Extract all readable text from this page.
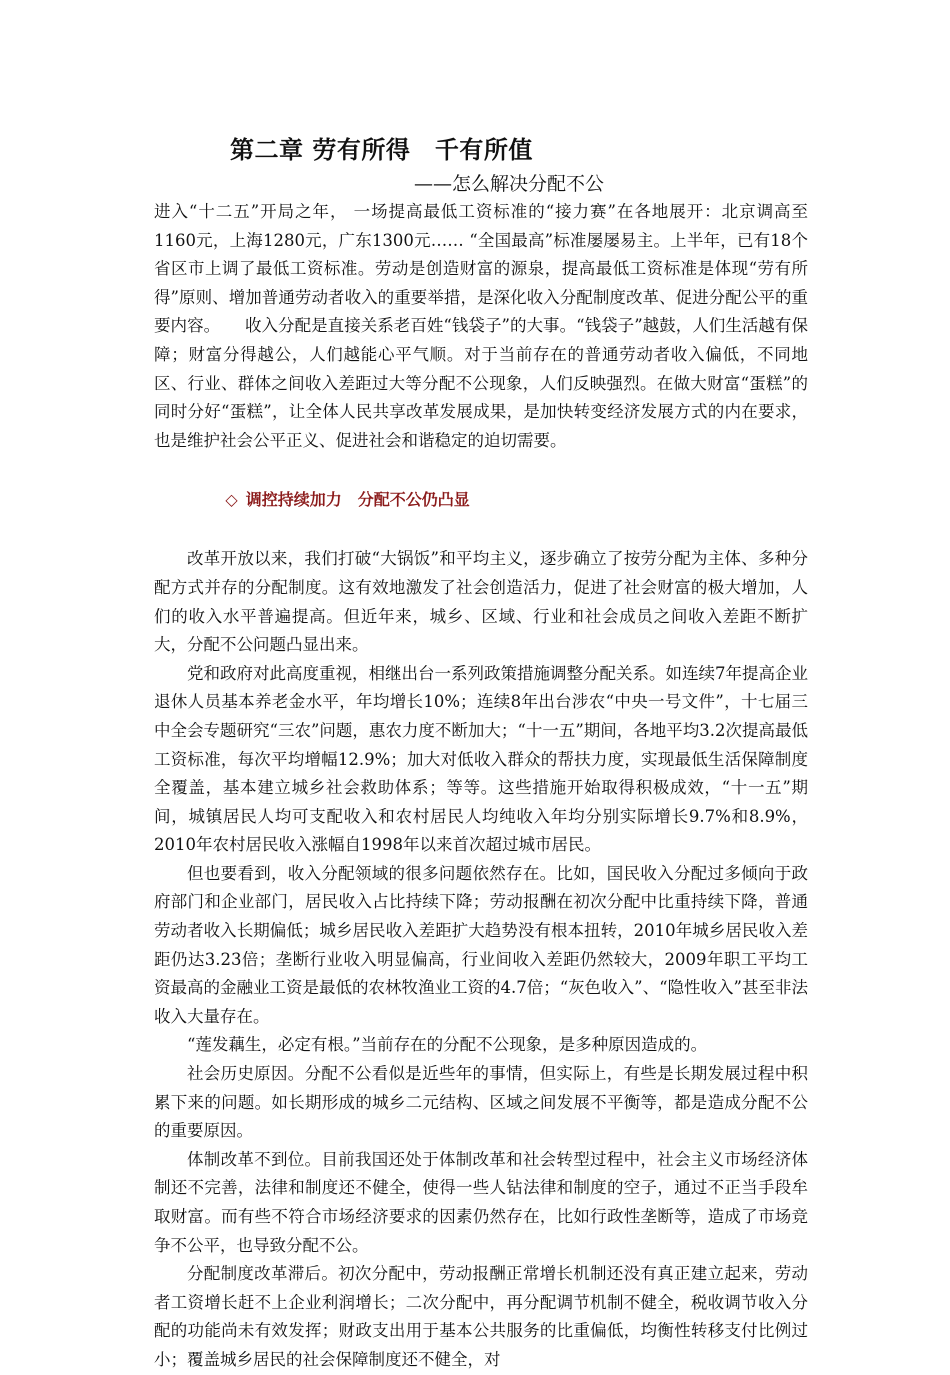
第二章 劳有所得　千有所值
——怎么解决分配不公

进入“十二五”开局之年， 一场提高最低工资标准的“接力赛”在各地展开：北京调高至1160元，上海1280元，广东1300元…… “全国最高”标准屡屡易主。上半年，已有18个省区市上调了最低工资标准。劳动是创造财富的源泉，提高最低工资标准是体现“劳有所得”原则、增加普通劳动者收入的重要举措，是深化收入分配制度改革、促进分配公平的重要内容。　　收入分配是直接关系老百姓“钱袋子”的大事。“钱袋子”越鼓，人们生活越有保障；财富分得越公，人们越能心平气顺。对于当前存在的普通劳动者收入偏低，不同地区、行业、群体之间收入差距过大等分配不公现象，人们反映强烈。在做大财富“蛋糕”的同时分好“蛋糕”，让全体人民共享改革发展成果，是加快转变经济发展方式的内在要求，也是维护社会公平正义、促进社会和谐稳定的迫切需要。

◇ 调控持续加力　分配不公仍凸显

改革开放以来，我们打破“大锅饭”和平均主义，逐步确立了按劳分配为主体、多种分配方式并存的分配制度。这有效地激发了社会创造活力，促进了社会财富的极大增加，人们的收入水平普遍提高。但近年来，城乡、区域、行业和社会成员之间收入差距不断扩大，分配不公问题凸显出来。

党和政府对此高度重视，相继出台一系列政策措施调整分配关系。如连续7年提高企业退休人员基本养老金水平，年均增长10%；连续8年出台涉农“中央一号文件”，十七届三中全会专题研究“三农”问题，惠农力度不断加大；“十一五”期间，各地平均3.2次提高最低工资标准，每次平均增幅12.9%；加大对低收入群众的帮扶力度，实现最低生活保障制度全覆盖，基本建立城乡社会救助体系；等等。这些措施开始取得积极成效，“十一五”期间，城镇居民人均可支配收入和农村居民人均纯收入年均分别实际增长9.7%和8.9%，2010年农村居民收入涨幅自1998年以来首次超过城市居民。

但也要看到，收入分配领域的很多问题依然存在。比如，国民收入分配过多倾向于政府部门和企业部门，居民收入占比持续下降；劳动报酬在初次分配中比重持续下降，普通劳动者收入长期偏低；城乡居民收入差距扩大趋势没有根本扭转，2010年城乡居民收入差距仍达3.23倍；垄断行业收入明显偏高，行业间收入差距仍然较大，2009年职工平均工资最高的金融业工资是最低的农林牧渔业工资的4.7倍；“灰色收入”、“隐性收入”甚至非法收入大量存在。

“莲发藕生，必定有根。”当前存在的分配不公现象，是多种原因造成的。

社会历史原因。分配不公看似是近些年的事情，但实际上，有些是长期发展过程中积累下来的问题。如长期形成的城乡二元结构、区域之间发展不平衡等，都是造成分配不公的重要原因。

体制改革不到位。目前我国还处于体制改革和社会转型过程中，社会主义市场经济体制还不完善，法律和制度还不健全，使得一些人钻法律和制度的空子，通过不正当手段牟取财富。而有些不符合市场经济要求的因素仍然存在，比如行政性垄断等，造成了市场竞争不公平，也导致分配不公。

分配制度改革滞后。初次分配中，劳动报酬正常增长机制还没有真正建立起来，劳动者工资增长赶不上企业利润增长；二次分配中，再分配调节机制不健全，税收调节收入分配的功能尚未有效发挥；财政支出用于基本公共服务的比重偏低，均衡性转移支付比例过小；覆盖城乡居民的社会保障制度还不健全，对
